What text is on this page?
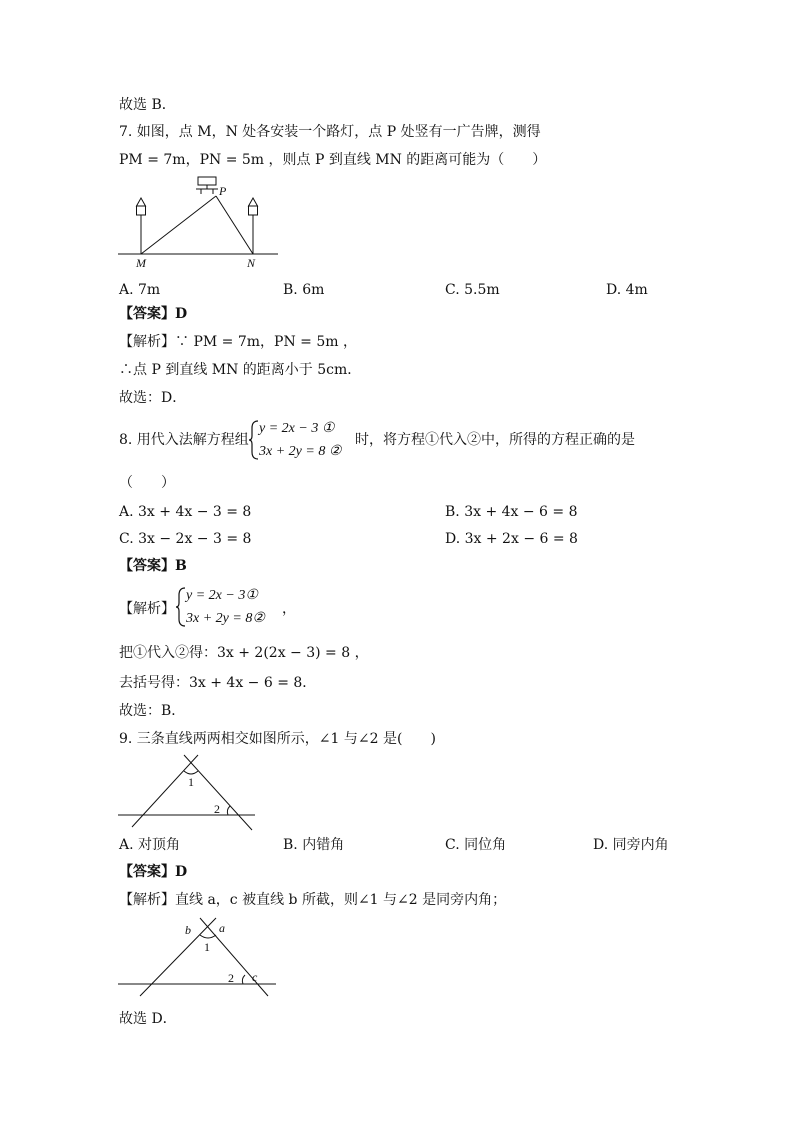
故选 B．
7. 如图，点 M，N 处各安装一个路灯，点 P 处竖有一广告牌，测得
PM = 7m，PN = 5m ，则点 P 到直线 MN 的距离可能为（　　）
P
M	N
A. 7m	B. 6m	C. 5.5m	D. 4m
【答案】D
【解析】∵ PM = 7m，PN = 5m ，
∴点 P 到直线 MN 的距离小于 5cm．
故选：D．
8. 用代入法解方程组
y = 2x − 3 ①
3x + 2y = 8 ②
时，将方程①代入②中，所得的方程正确的是
（　　）
A. 3x + 4x − 3 = 8	B. 3x + 4x − 6 = 8
C. 3x − 2x − 3 = 8	D. 3x + 2x − 6 = 8
【答案】B
【解析】
y = 2x − 3①
3x + 2y = 8②
，
把①代入②得：3x + 2(2x − 3) = 8 ，
去括号得：3x + 4x − 6 = 8．
故选：B．
9. 三条直线两两相交如图所示，∠1 与∠2 是(　　)
1
2
A. 对顶角	B. 内错角	C. 同位角	D. 同旁内角
【答案】D
【解析】直线 a，c 被直线 b 所截，则∠1 与∠2 是同旁内角；
b a
1
2 c
故选 D．
